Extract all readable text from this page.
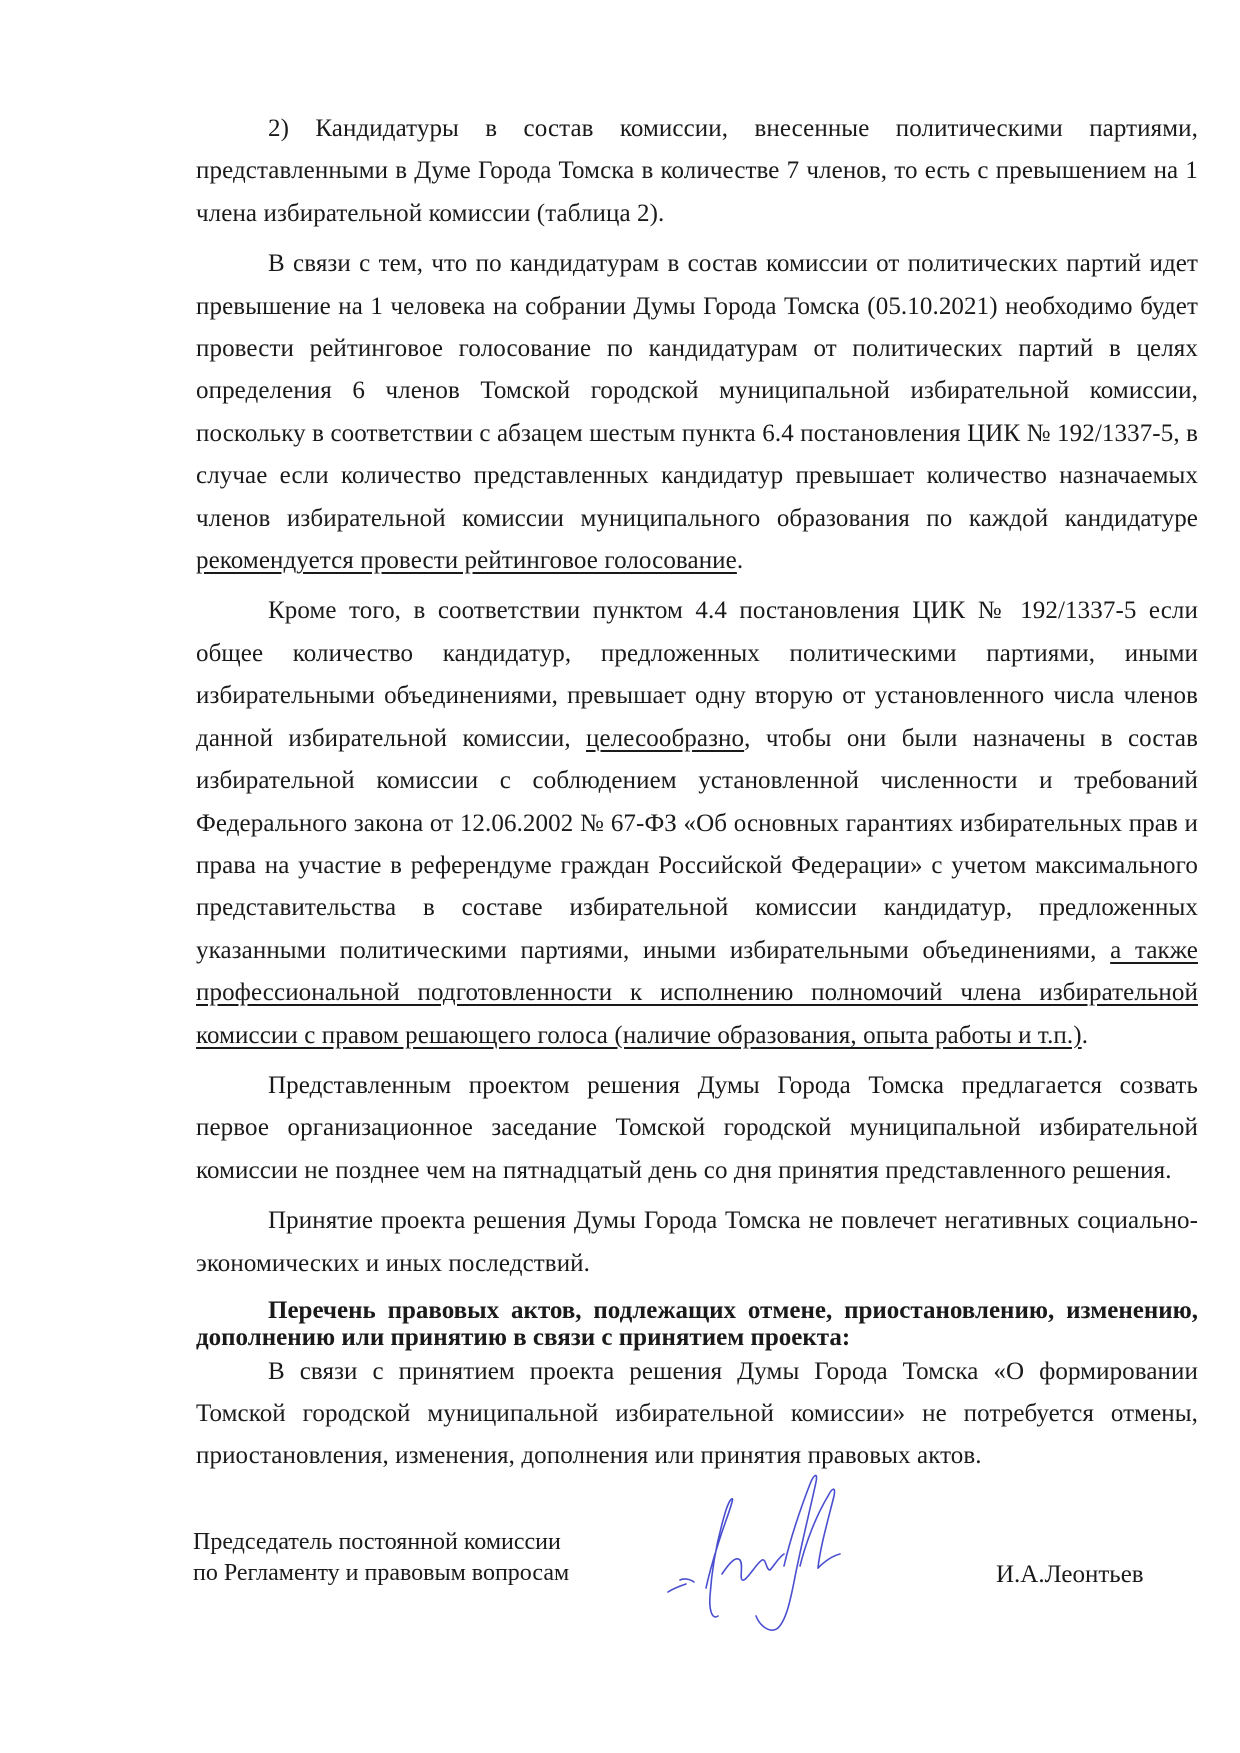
2) Кандидатуры в состав комиссии, внесенные политическими партиями, представленными в Думе Города Томска в количестве 7 членов, то есть с превышением на 1 члена избирательной комиссии (таблица 2).

В связи с тем, что по кандидатурам в состав комиссии от политических партий идет превышение на 1 человека на собрании Думы Города Томска (05.10.2021) необходимо будет провести рейтинговое голосование по кандидатурам от политических партий в целях определения 6 членов Томской городской муниципальной избирательной комиссии, поскольку в соответствии с абзацем шестым пункта 6.4 постановления ЦИК № 192/1337-5, в случае если количество представленных кандидатур превышает количество назначаемых членов избирательной комиссии муниципального образования по каждой кандидатуре рекомендуется провести рейтинговое голосование.

Кроме того, в соответствии пунктом 4.4 постановления ЦИК № 192/1337-5 если общее количество кандидатур, предложенных политическими партиями, иными избирательными объединениями, превышает одну вторую от установленного числа членов данной избирательной комиссии, целесообразно, чтобы они были назначены в состав избирательной комиссии с соблюдением установленной численности и требований Федерального закона от 12.06.2002 № 67-ФЗ «Об основных гарантиях избирательных прав и права на участие в референдуме граждан Российской Федерации» с учетом максимального представительства в составе избирательной комиссии кандидатур, предложенных указанными политическими партиями, иными избирательными объединениями, а также профессиональной подготовленности к исполнению полномочий члена избирательной комиссии с правом решающего голоса (наличие образования, опыта работы и т.п.).

Представленным проектом решения Думы Города Томска предлагается созвать первое организационное заседание Томской городской муниципальной избирательной комиссии не позднее чем на пятнадцатый день со дня принятия представленного решения.

Принятие проекта решения Думы Города Томска не повлечет негативных социально-экономических и иных последствий.

Перечень правовых актов, подлежащих отмене, приостановлению, изменению, дополнению или принятию в связи с принятием проекта:

В связи с принятием проекта решения Думы Города Томска «О формировании Томской городской муниципальной избирательной комиссии» не потребуется отмены, приостановления, изменения, дополнения или принятия правовых актов.

Председатель постоянной комиссии
по Регламенту и правовым вопросам	И.А.Леонтьев
